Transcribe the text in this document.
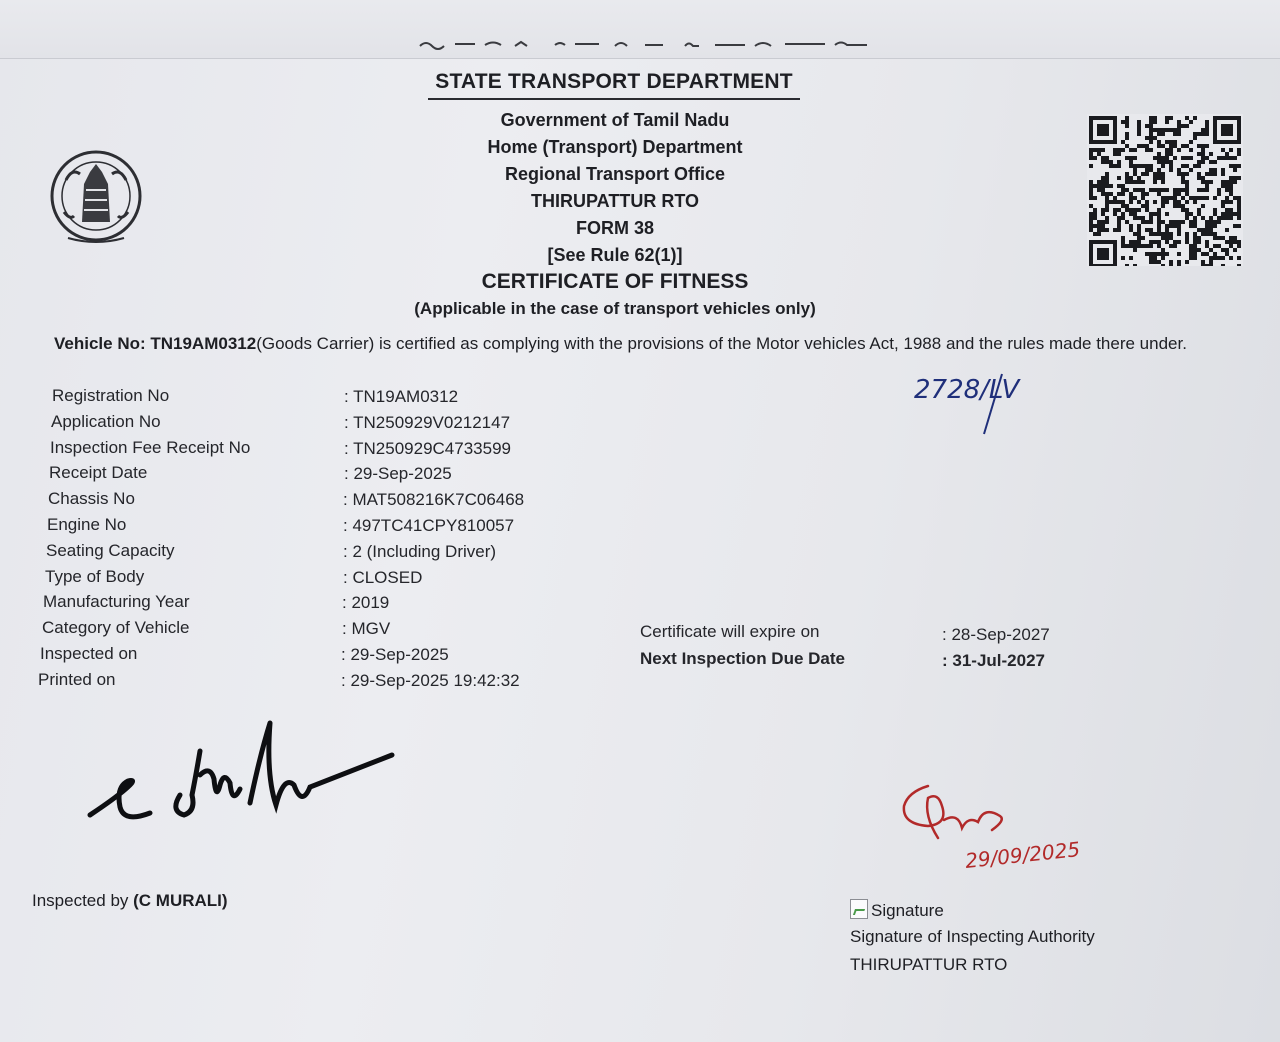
STATE TRANSPORT DEPARTMENT
Government of Tamil Nadu
Home (Transport) Department
Regional Transport Office
THIRUPATTUR RTO
FORM 38
[See Rule 62(1)]
CERTIFICATE OF FITNESS
(Applicable in the case of transport vehicles only)
Vehicle No: TN19AM0312(Goods Carrier) is certified as complying with the provisions of the Motor vehicles Act, 1988 and the rules made there under.
2728/LV
Registration No	: TN19AM0312
Application No	: TN250929V0212147
Inspection Fee Receipt No	: TN250929C4733599
Receipt Date	: 29-Sep-2025
Chassis No	: MAT508216K7C06468
Engine No	: 497TC41CPY810057
Seating Capacity	: 2 (Including Driver)
Type of Body	: CLOSED
Manufacturing Year	: 2019
Category of Vehicle	: MGV
Inspected on	: 29-Sep-2025
Printed on	: 29-Sep-2025 19:42:32
Certificate will expire on	: 28-Sep-2027
Next Inspection Due Date	: 31-Jul-2027
29/09/2025
Inspected by (C MURALI)
Signature
Signature of Inspecting Authority
THIRUPATTUR RTO
